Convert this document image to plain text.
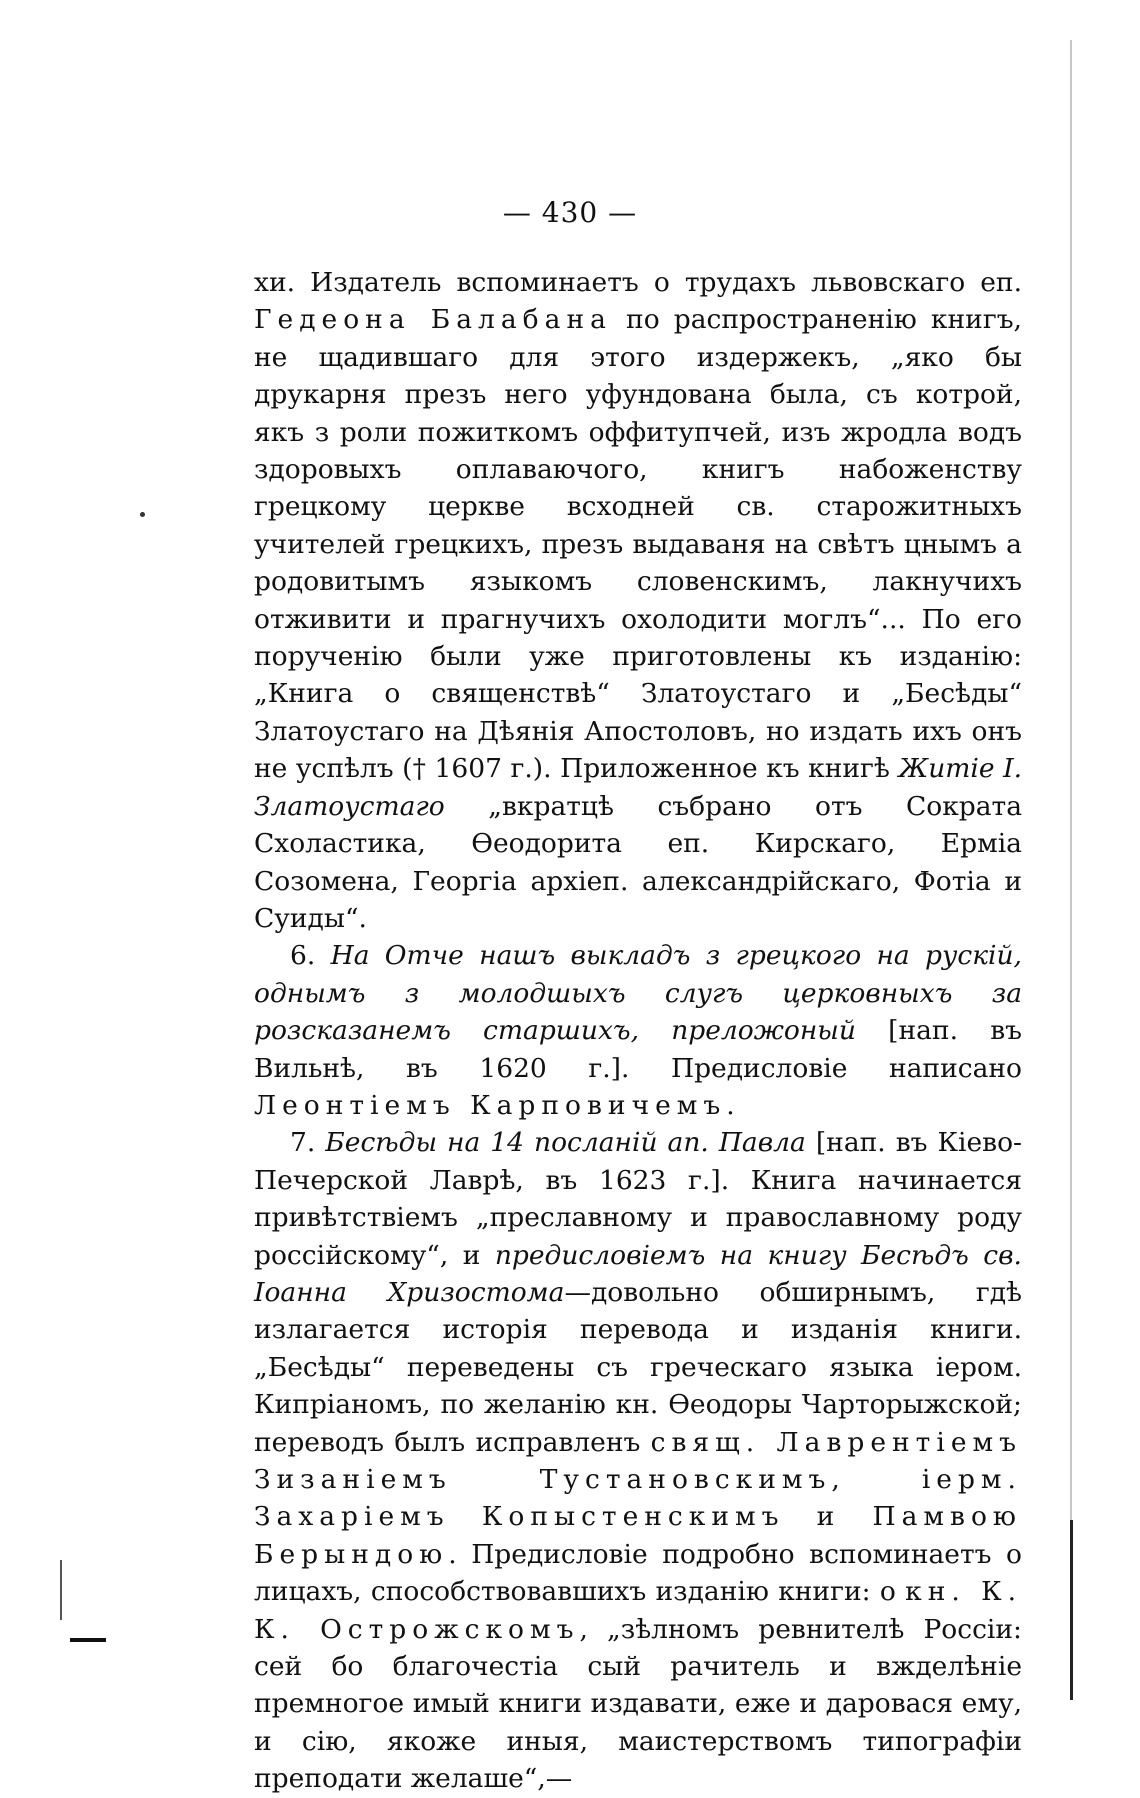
— 430 —

хи. Издатель вспоминаетъ о трудахъ львовскаго еп. Гедеона Балабана по распространенію книгъ, не щадившаго для этого издержекъ, „яко бы друкарня презъ него уфундована была, съ котрой, якъ з роли пожиткомъ оффитупчей, изъ жродла водъ здоровыхъ оплаваючого, книгъ набоженству грецкому церкве всходней св. старожитныхъ учителей грецкихъ, презъ выдаваня на свѣтъ цнымъ а родовитымъ языкомъ словенскимъ, лакнучихъ отживити и прагнучихъ охолодити моглъ“... По его порученію были уже приготовлены къ изданію: „Книга о священствѣ“ Златоустаго и „Бесѣды“ Златоустаго на Дѣянія Апостоловъ, но издать ихъ онъ не успѣлъ († 1607 г.). Приложенное къ книгѣ Житіе І. Златоустаго „вкратцѣ събрано отъ Сократа Схоластика, Ѳеодорита еп. Кирскаго, Ерміа Созомена, Георгіа архіеп. александрійскаго, Фотіа и Суиды“.

6. На Отче нашъ выкладъ з грецкого на рускій, однымъ з молодшыхъ слугъ церковныхъ за розсказанемъ старшихъ, преложоный [нап. въ Вильнѣ, въ 1620 г.]. Предисловіе написано Леонтіемъ Карповичемъ.

7. Бесѣды на 14 посланій ап. Павла [нап. въ Кіево-Печерской Лаврѣ, въ 1623 г.]. Книга начинается привѣтствіемъ „преславному и православному роду россійскому“, и предисловіемъ на книгу Бесѣдъ св. Іоанна Хризостома—довольно обширнымъ, гдѣ излагается исторія перевода и изданія книги. „Бесѣды“ переведены съ греческаго языка іером. Кипріаномъ, по желанію кн. Ѳеодоры Чарторыжской; переводъ былъ исправленъ свящ. Лаврентіемъ Зизаніемъ Тустановскимъ, іерм. Захаріемъ Копыстенскимъ и Памвою Берындою. Предисловіе подробно вспоминаетъ о лицахъ, способствовавшихъ изданію книги: о кн. К. К. Острожскомъ, „зѣлномъ ревнителѣ Россіи: сей бо благочестіа сый рачитель и вжделѣніе премногое имый книги издавати, еже и даровася ему, и сію, якоже иныя, маистерствомъ типографіи преподати желаше“,—
